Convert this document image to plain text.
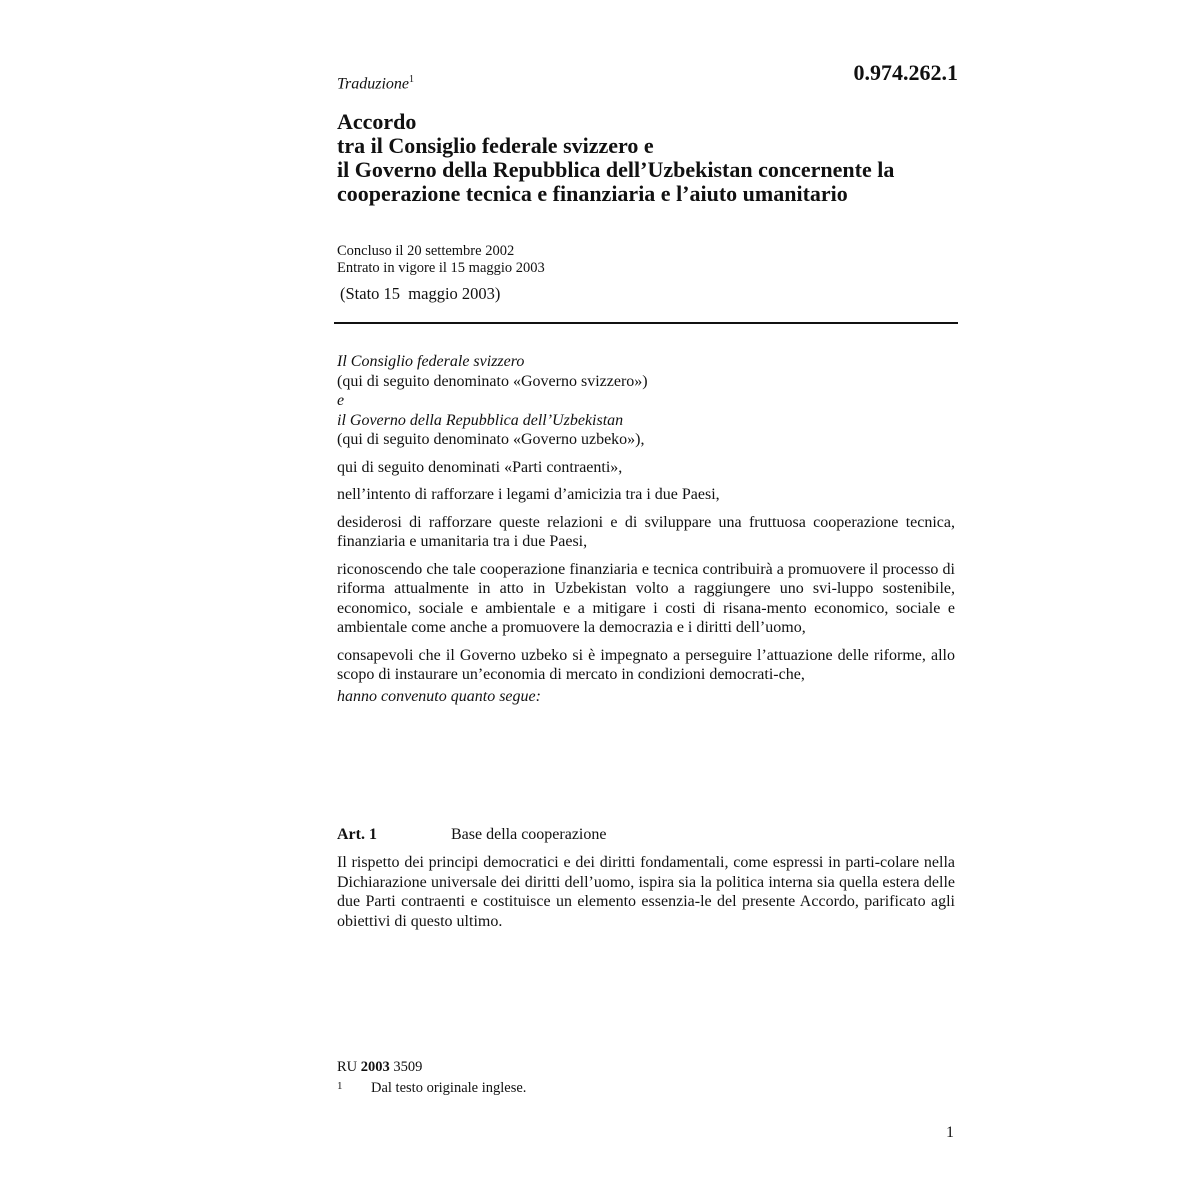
0.974.262.1
Traduzione$^1$
Accordo
tra il Consiglio federale svizzero e
il Governo della Repubblica dell’Uzbekistan concernente la
cooperazione tecnica e finanziaria e l’aiuto umanitario
Concluso il 20 settembre 2002
Entrato in vigore il 15 maggio 2003
(Stato 15  maggio 2003)
Il Consiglio federale svizzero
(qui di seguito denominato «Governo svizzero»)
e
il Governo della Repubblica dell’Uzbekistan
(qui di seguito denominato «Governo uzbeko»),
qui di seguito denominati «Parti contraenti»,
nell’intento di rafforzare i legami d’amicizia tra i due Paesi,
desiderosi di rafforzare queste relazioni e di sviluppare una fruttuosa cooperazione tecnica, finanziaria e umanitaria tra i due Paesi,
riconoscendo che tale cooperazione finanziaria e tecnica contribuirà a promuovere il processo di riforma attualmente in atto in Uzbekistan volto a raggiungere uno svi-luppo sostenibile, economico, sociale e ambientale e a mitigare i costi di risana-mento economico, sociale e ambientale come anche a promuovere la democrazia e i diritti dell’uomo,
consapevoli che il Governo uzbeko si è impegnato a perseguire l’attuazione delle riforme, allo scopo di instaurare un’economia di mercato in condizioni democrati-che,
hanno convenuto quanto segue:
Art. 1	Base della cooperazione
Il rispetto dei principi democratici e dei diritti fondamentali, come espressi in parti-colare nella Dichiarazione universale dei diritti dell’uomo, ispira sia la politica interna sia quella estera delle due Parti contraenti e costituisce un elemento essenzia-le del presente Accordo, parificato agli obiettivi di questo ultimo.
RU 2003 3509
1 Dal testo originale inglese.
1
